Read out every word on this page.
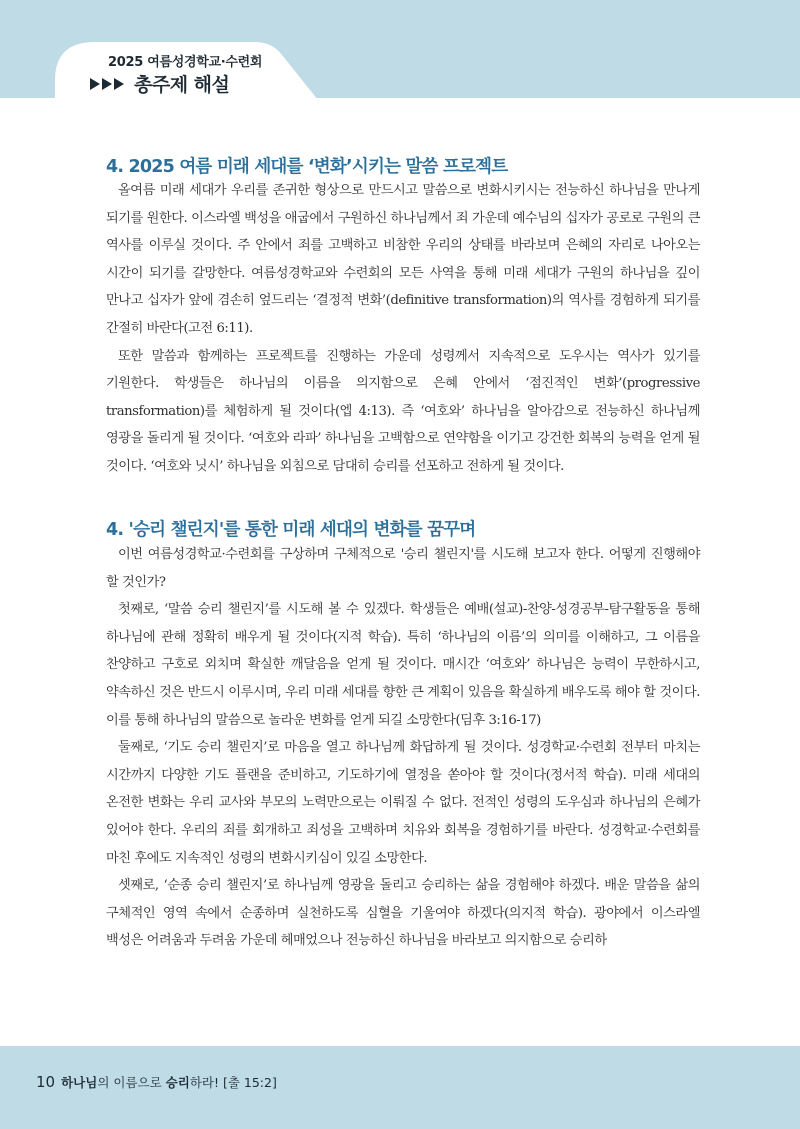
2025 여름성경학교·수련회
총주제 해설
4. 2025 여름 미래 세대를 ‘변화’시키는 말씀 프로젝트

올여름 미래 세대가 우리를 존귀한 형상으로 만드시고 말씀으로 변화시키시는 전능하신 하나님을 만나게 되기를 원한다. 이스라엘 백성을 애굽에서 구원하신 하나님께서 죄 가운데 예수님의 십자가 공로로 구원의 큰 역사를 이루실 것이다. 주 안에서 죄를 고백하고 비참한 우리의 상태를 바라보며 은혜의 자리로 나아오는 시간이 되기를 갈망한다. 여름성경학교와 수련회의 모든 사역을 통해 미래 세대가 구원의 하나님을 깊이 만나고 십자가 앞에 겸손히 엎드리는 ‘결정적 변화’(definitive transformation)의 역사를 경험하게 되기를 간절히 바란다(고전 6:11).

또한 말씀과 함께하는 프로젝트를 진행하는 가운데 성령께서 지속적으로 도우시는 역사가 있기를 기원한다. 학생들은 하나님의 이름을 의지함으로 은혜 안에서 ‘점진적인 변화’(progressive transformation)를 체험하게 될 것이다(엡 4:13). 즉 ‘여호와’ 하나님을 알아감으로 전능하신 하나님께 영광을 돌리게 될 것이다. ‘여호와 라파’ 하나님을 고백함으로 연약함을 이기고 강건한 회복의 능력을 얻게 될 것이다. ‘여호와 닛시’ 하나님을 외침으로 담대히 승리를 선포하고 전하게 될 것이다.

4. '승리 챌린지'를 통한 미래 세대의 변화를 꿈꾸며

이번 여름성경학교·수련회를 구상하며 구체적으로 '승리 챌린지'를 시도해 보고자 한다. 어떻게 진행해야 할 것인가?

첫째로, ‘말씀 승리 챌린지’를 시도해 볼 수 있겠다. 학생들은 예배(설교)-찬양-성경공부-탐구활동을 통해 하나님에 관해 정확히 배우게 될 것이다(지적 학습). 특히 ‘하나님의 이름’의 의미를 이해하고, 그 이름을 찬양하고 구호로 외치며 확실한 깨달음을 얻게 될 것이다. 매시간 ‘여호와’ 하나님은 능력이 무한하시고, 약속하신 것은 반드시 이루시며, 우리 미래 세대를 향한 큰 계획이 있음을 확실하게 배우도록 해야 할 것이다. 이를 통해 하나님의 말씀으로 놀라운 변화를 얻게 되길 소망한다(딤후 3:16-17)

둘째로, ‘기도 승리 챌린지’로 마음을 열고 하나님께 화답하게 될 것이다. 성경학교·수련회 전부터 마치는 시간까지 다양한 기도 플랜을 준비하고, 기도하기에 열정을 쏟아야 할 것이다(정서적 학습). 미래 세대의 온전한 변화는 우리 교사와 부모의 노력만으로는 이뤄질 수 없다. 전적인 성령의 도우심과 하나님의 은혜가 있어야 한다. 우리의 죄를 회개하고 죄성을 고백하며 치유와 회복을 경험하기를 바란다. 성경학교·수련회를 마친 후에도 지속적인 성령의 변화시키심이 있길 소망한다.

셋째로, ‘순종 승리 챌린지’로 하나님께 영광을 돌리고 승리하는 삶을 경험해야 하겠다. 배운 말씀을 삶의 구체적인 영역 속에서 순종하며 실천하도록 심혈을 기울여야 하겠다(의지적 학습). 광야에서 이스라엘 백성은 어려움과 두려움 가운데 헤매었으나 전능하신 하나님을 바라보고 의지함으로 승리하

10 하나님의 이름으로 승리하라! [출 15:2]
